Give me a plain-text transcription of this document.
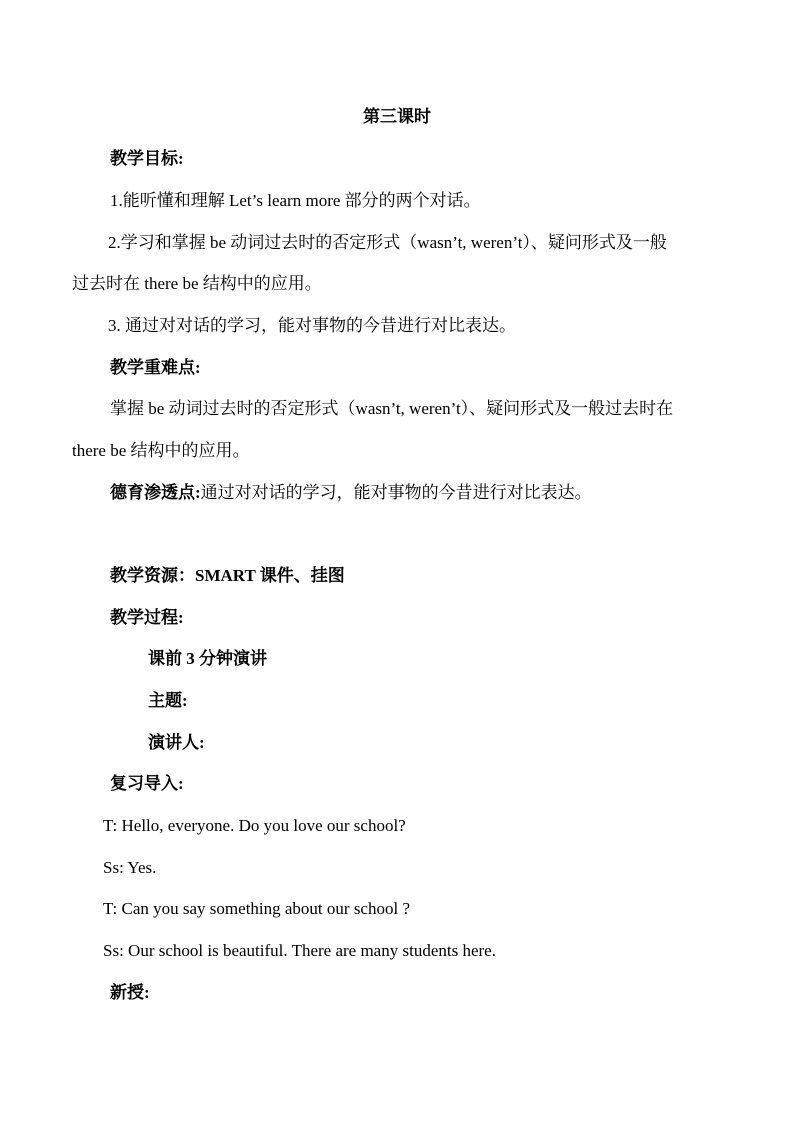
第三课时
教学目标:
1.能听懂和理解 Let’s learn more 部分的两个对话。
2.学习和掌握 be 动词过去时的否定形式（wasn’t, weren’t）、疑问形式及一般
过去时在 there be 结构中的应用。
3. 通过对对话的学习，能对事物的今昔进行对比表达。
教学重难点:
掌握 be 动词过去时的否定形式（wasn’t, weren’t）、疑问形式及一般过去时在
there be 结构中的应用。
德育渗透点:通过对对话的学习，能对事物的今昔进行对比表达。
教学资源：SMART 课件、挂图
教学过程:
课前 3 分钟演讲
主题:
演讲人:
复习导入:
T: Hello, everyone. Do you love our school?
Ss: Yes.
T: Can you say something about our school ?
Ss: Our school is beautiful. There are many students here.
新授:
